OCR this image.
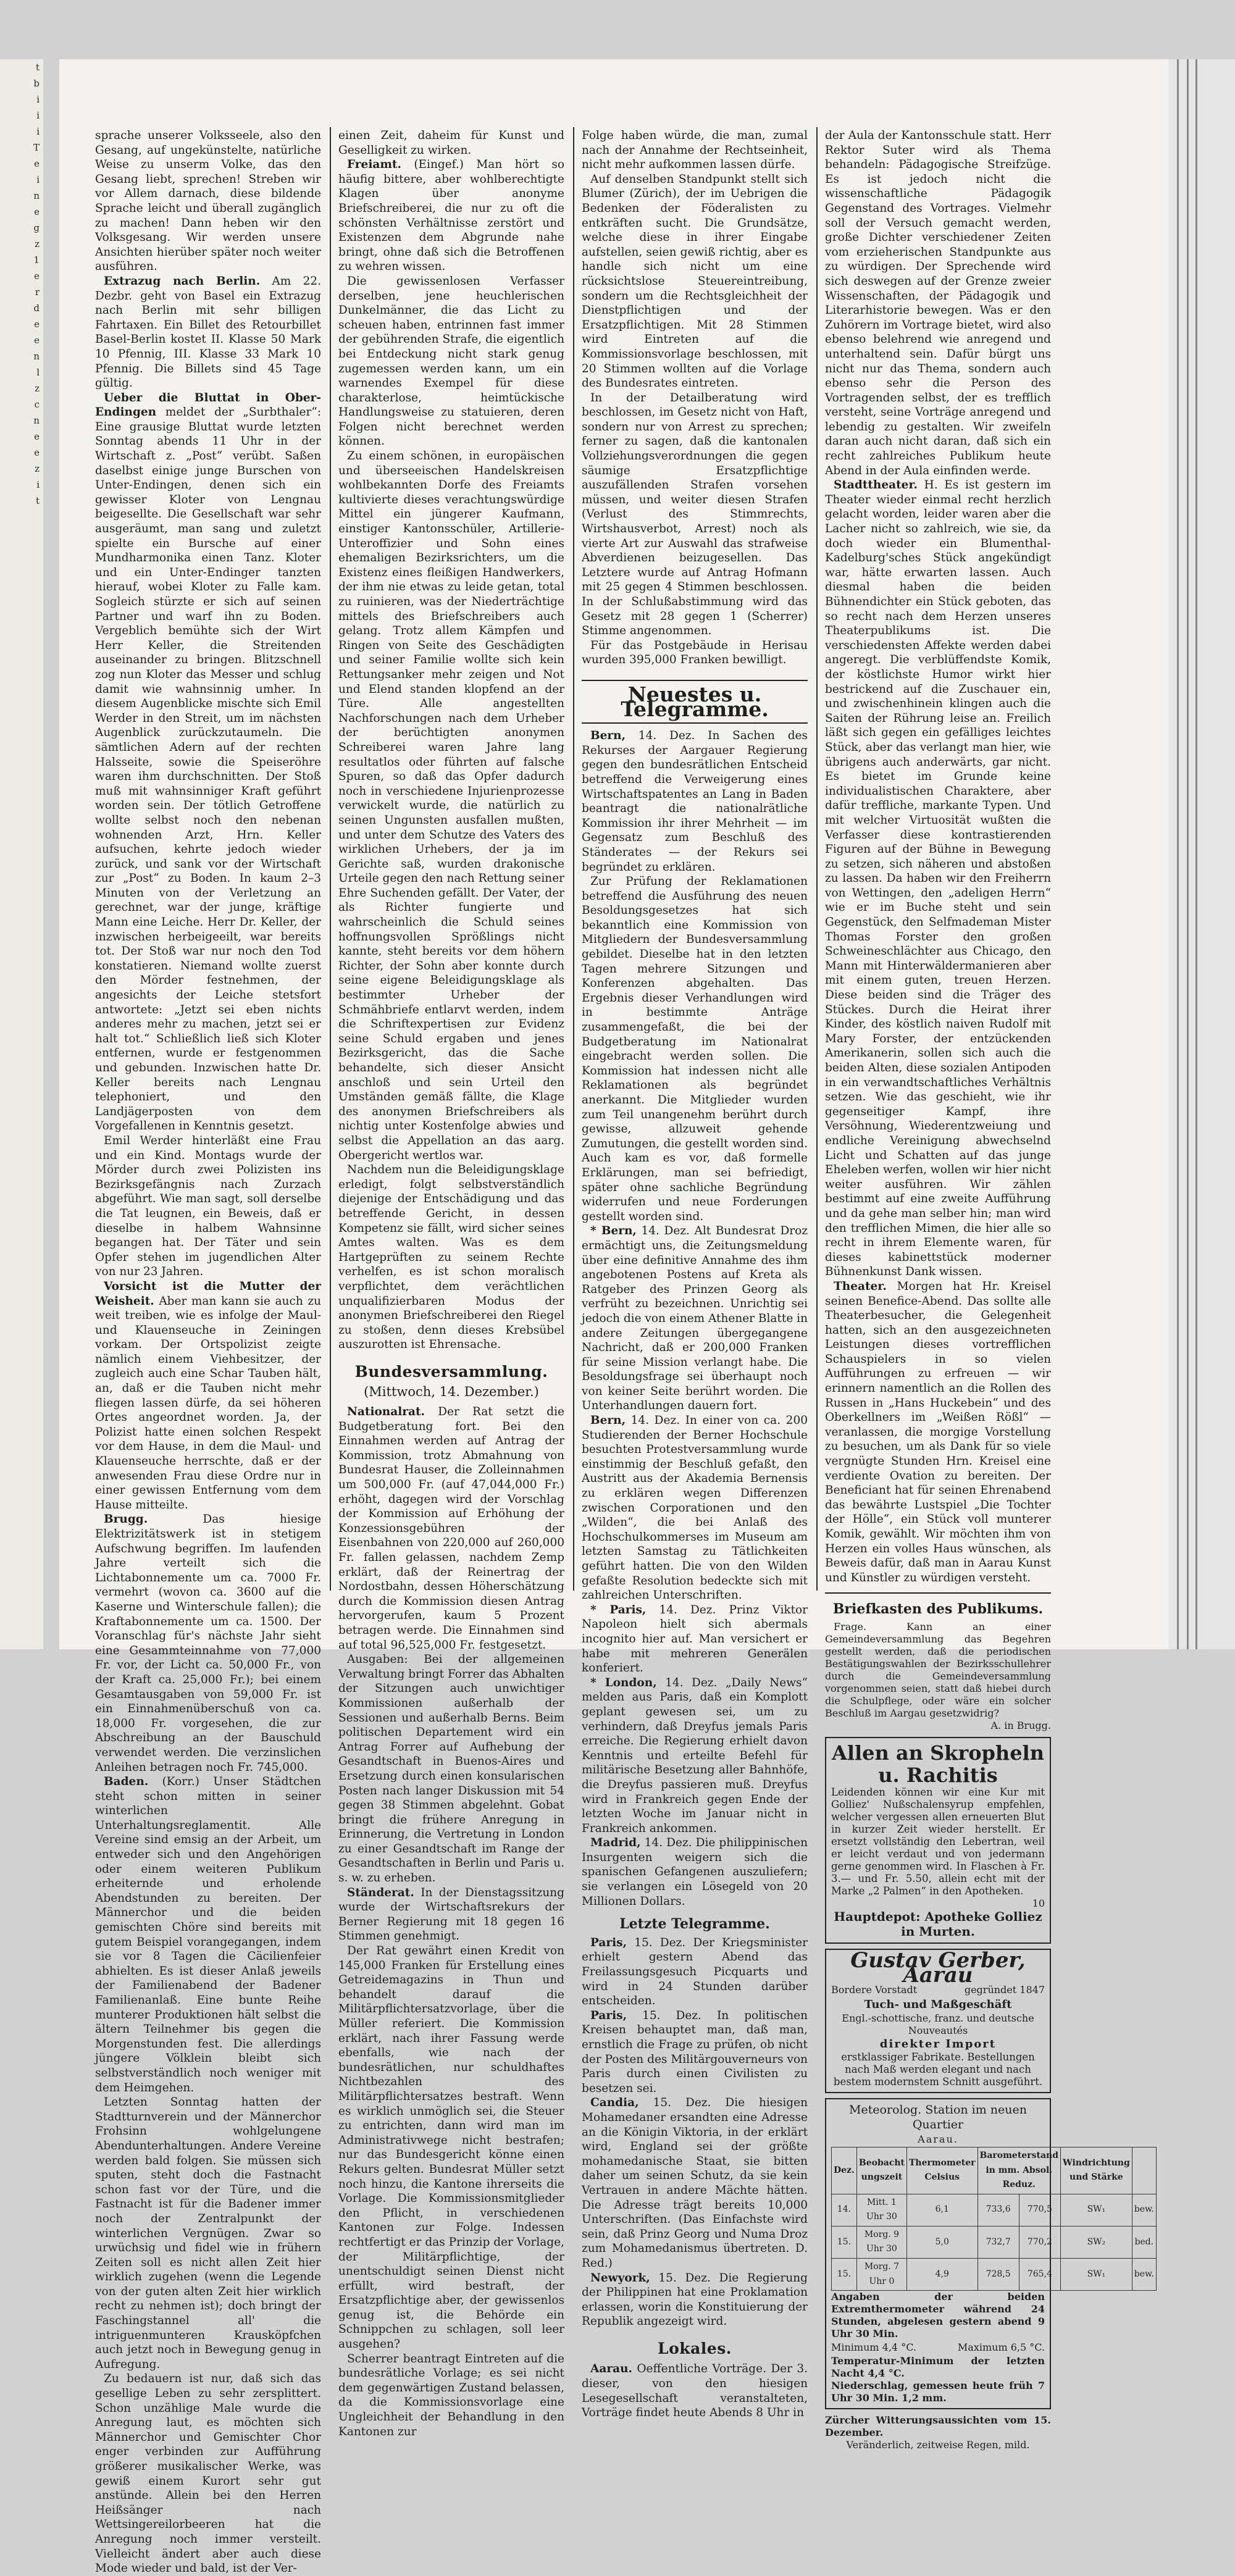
t
b
i
i
i
T
e
i
n
e
g
z
1
e
r
d
e
e
n
l
z
c
n
e
e
z
i
t

sprache unserer Volksseele, also den Gesang, auf ungekünstelte, natürliche Weise zu unserm Volke, das den Gesang liebt, sprechen! Streben wir vor Allem darnach, diese bildende Sprache leicht und überall zugänglich zu machen! Dann heben wir den Volksgesang. Wir werden unsere Ansichten hierüber später noch weiter ausführen.

Extrazug nach Berlin. Am 22. Dezbr. geht von Basel ein Extrazug nach Berlin mit sehr billigen Fahrtaxen. Ein Billet des Retourbillet Basel-Berlin kostet II. Klasse 50 Mark 10 Pfennig, III. Klasse 33 Mark 10 Pfennig. Die Billets sind 45 Tage gültig.

Ueber die Bluttat in Ober-Endingen meldet der „Surbthaler“: Eine grausige Bluttat wurde letzten Sonntag abends 11 Uhr in der Wirtschaft z. „Post“ verübt. Saßen daselbst einige junge Burschen von Unter-Endingen, denen sich ein gewisser Kloter von Lengnau beigesellte. Die Gesellschaft war sehr ausgeräumt, man sang und zuletzt spielte ein Bursche auf einer Mundharmonika einen Tanz. Kloter und ein Unter-Endinger tanzten hierauf, wobei Kloter zu Falle kam. Sogleich stürzte er sich auf seinen Partner und warf ihn zu Boden. Vergeblich bemühte sich der Wirt Herr Keller, die Streitenden auseinander zu bringen. Blitzschnell zog nun Kloter das Messer und schlug damit wie wahnsinnig umher. In diesem Augenblicke mischte sich Emil Werder in den Streit, um im nächsten Augenblick zurückzutaumeln. Die sämtlichen Adern auf der rechten Halsseite, sowie die Speiseröhre waren ihm durchschnitten. Der Stoß muß mit wahnsinniger Kraft geführt worden sein. Der tötlich Getroffene wollte selbst noch den nebenan wohnenden Arzt, Hrn. Keller aufsuchen, kehrte jedoch wieder zurück, und sank vor der Wirtschaft zur „Post“ zu Boden. In kaum 2–3 Minuten von der Verletzung an gerechnet, war der junge, kräftige Mann eine Leiche. Herr Dr. Keller, der inzwischen herbeigeeilt, war bereits tot. Der Stoß war nur noch den Tod konstatieren. Niemand wollte zuerst den Mörder festnehmen, der angesichts der Leiche stetsfort antwortete: „Jetzt sei eben nichts anderes mehr zu machen, jetzt sei er halt tot.“ Schließlich ließ sich Kloter entfernen, wurde er festgenommen und gebunden. Inzwischen hatte Dr. Keller bereits nach Lengnau telephoniert, und den Landjägerposten von dem Vorgefallenen in Kenntnis gesetzt.

Emil Werder hinterläßt eine Frau und ein Kind. Montags wurde der Mörder durch zwei Polizisten ins Bezirksgefängnis nach Zurzach abgeführt. Wie man sagt, soll derselbe die Tat leugnen, ein Beweis, daß er dieselbe in halbem Wahnsinne begangen hat. Der Täter und sein Opfer stehen im jugendlichen Alter von nur 23 Jahren.

Vorsicht ist die Mutter der Weisheit. Aber man kann sie auch zu weit treiben, wie es infolge der Maul- und Klauenseuche in Zeiningen vorkam. Der Ortspolizist zeigte nämlich einem Viehbesitzer, der zugleich auch eine Schar Tauben hält, an, daß er die Tauben nicht mehr fliegen lassen dürfe, da sei höheren Ortes angeordnet worden. Ja, der Polizist hatte einen solchen Respekt vor dem Hause, in dem die Maul- und Klauenseuche herrschte, daß er der anwesenden Frau diese Ordre nur in einer gewissen Entfernung vom dem Hause mitteilte.

Brugg.	Das hiesige Elektrizitätswerk ist in stetigem Aufschwung begriffen. Im laufenden Jahre verteilt sich die Lichtabonnemente um ca. 7000 Fr. vermehrt (wovon ca. 3600 auf die Kaserne und Winterschule fallen); die Kraftabonnemente um ca. 1500. Der Voranschlag für's nächste Jahr sieht eine Gesammteinnahme von 77,000 Fr. vor, der Licht ca. 50,000 Fr., von der Kraft ca. 25,000 Fr.); bei einem Gesamtausgaben von 59,000 Fr. ist ein Einnahmenüberschuß von ca. 18,000 Fr. vorgesehen, die zur Abschreibung an der Bauschuld verwendet werden. Die verzinslichen Anleihen betragen noch Fr. 745,000.

Baden. (Korr.) Unser Städtchen steht schon mitten in seiner winterlichen Unterhaltungsreglamentit. Alle Vereine sind emsig an der Arbeit, um entweder sich und den Angehörigen oder einem weiteren Publikum erheiternde und erholende Abendstunden zu bereiten. Der Männerchor und die beiden gemischten Chöre sind bereits mit gutem Beispiel vorangegangen, indem sie vor 8 Tagen die Cäcilienfeier abhielten. Es ist dieser Anlaß jeweils der Familienabend der Badener Familienanlaß. Eine bunte Reihe munterer Produktionen hält selbst die ältern Teilnehmer bis gegen die Morgenstunden fest. Die allerdings jüngere Völklein bleibt sich selbstverständlich noch weniger mit dem Heimgehen.

Letzten Sonntag hatten der Stadtturnverein und der Männerchor Frohsinn wohlgelungene Abendunterhaltungen. Andere Vereine werden bald folgen. Sie müssen sich sputen, steht doch die Fastnacht schon fast vor der Türe, und die Fastnacht ist für die Badener immer noch der Zentralpunkt der winterlichen Vergnügen. Zwar so urwüchsig und fidel wie in frühern Zeiten soll es nicht allen Zeit hier wirklich zugehen (wenn die Legende von der guten alten Zeit hier wirklich recht zu nehmen ist); doch bringt der Faschingstannel all' die intriguenmunteren Krausköpfchen auch jetzt noch in Bewegung genug in Aufregung.

Zu bedauern ist nur, daß sich das gesellige Leben zu sehr zersplittert. Schon unzählige Male wurde die Anregung laut, es möchten sich Männerchor und Gemischter Chor enger verbinden zur Aufführung größerer musikalischer Werke, was gewiß einem Kurort sehr gut anstünde. Allein bei den Herren Heißsänger nach Wettsingereilorbeeren hat die Anregung noch immer versteilt. Vielleicht ändert aber auch diese Mode wieder und bald, ist der Ver-

einen Zeit, daheim für Kunst und Geselligkeit zu wirken.

Freiamt. (Eingef.) Man hört so häufig bittere, aber wohlberechtigte Klagen über anonyme Briefschreiberei, die nur zu oft die schönsten Verhältnisse zerstört und Existenzen dem Abgrunde nahe bringt, ohne daß sich die Betroffenen zu wehren wissen.

Die gewissenlosen Verfasser derselben, jene heuchlerischen Dunkelmänner, die das Licht zu scheuen haben, entrinnen fast immer der gebührenden Strafe, die eigentlich bei Entdeckung nicht stark genug zugemessen werden kann, um ein warnendes Exempel für diese charakterlose, heimtückische Handlungsweise zu statuieren, deren Folgen nicht berechnet werden können.

Zu einem schönen, in europäischen und überseeischen Handelskreisen wohlbekannten Dorfe des Freiamts kultivierte dieses verachtungswürdige Mittel ein jüngerer Kaufmann, einstiger Kantonsschüler, Artillerie-Unteroffizier und Sohn eines ehemaligen Bezirksrichters, um die Existenz eines fleißigen Handwerkers, der ihm nie etwas zu leide getan, total zu ruinieren, was der Niederträchtige mittels des Briefschreibers auch gelang. Trotz allem Kämpfen und Ringen von Seite des Geschädigten und seiner Familie wollte sich kein Rettungsanker mehr zeigen und Not und Elend standen klopfend an der Türe. Alle angestellten Nachforschungen nach dem Urheber der berüchtigten anonymen Schreiberei waren Jahre lang resultatlos oder führten auf falsche Spuren, so daß das Opfer dadurch noch in verschiedene Injurienprozesse verwickelt wurde, die natürlich zu seinen Ungunsten ausfallen mußten, und unter dem Schutze des Vaters des wirklichen Urhebers, der ja im Gerichte saß, wurden drakonische Urteile gegen den nach Rettung seiner Ehre Suchenden gefällt. Der Vater, der als Richter fungierte und wahrscheinlich die Schuld seines hoffnungsvollen Sprößlings nicht kannte, steht bereits vor dem höhern Richter, der Sohn aber konnte durch seine eigene Beleidigungsklage als bestimmter Urheber der Schmähbriefe entlarvt werden, indem die Schriftexpertisen zur Evidenz seine Schuld ergaben und jenes Bezirksgericht, das die Sache behandelte, sich dieser Ansicht anschloß und sein Urteil den Umständen gemäß fällte, die Klage des anonymen Briefschreibers als nichtig unter Kostenfolge abwies und selbst die Appellation an das aarg. Obergericht wertlos war.

Nachdem nun die Beleidigungsklage erledigt, folgt selbstverständlich diejenige der Entschädigung und das betreffende Gericht, in dessen Kompetenz sie fällt, wird sicher seines Amtes walten. Was es dem Hartgeprüften zu seinem Rechte verhelfen, es ist schon moralisch verpflichtet, dem verächtlichen unqualifizierbaren Modus der anonymen Briefschreiberei den Riegel zu stoßen, denn dieses Krebsübel auszurotten ist Ehrensache.

Bundesversammlung.
(Mittwoch, 14. Dezember.)

Nationalrat. Der Rat setzt die Budgetberatung fort. Bei den Einnahmen werden auf Antrag der Kommission, trotz Abmahnung von Bundesrat Hauser, die Zolleinnahmen um 500,000 Fr. (auf 47,044,000 Fr.) erhöht, dagegen wird der Vorschlag der Kommission auf Erhöhung der Konzessionsgebühren der Eisenbahnen von 220,000 auf 260,000 Fr. fallen gelassen, nachdem Zemp erklärt, daß der Reinertrag der Nordostbahn, dessen Höherschätzung durch die Kommission diesen Antrag hervorgerufen, kaum 5 Prozent betragen werde. Die Einnahmen sind auf total 96,525,000 Fr. festgesetzt.

Ausgaben: Bei der allgemeinen Verwaltung bringt Forrer das Abhalten der Sitzungen auch unwichtiger Kommissionen außerhalb der Sessionen und außerhalb Berns. Beim politischen Departement wird ein Antrag Forrer auf Aufhebung der Gesandtschaft in Buenos-Aires und Ersetzung durch einen konsularischen Posten nach langer Diskussion mit 54 gegen 38 Stimmen abgelehnt. Gobat bringt die frühere Anregung in Erinnerung, die Vertretung in London zu einer Gesandtschaft im Range der Gesandtschaften in Berlin und Paris u. s. w. zu erheben.

Ständerat. In der Dienstagssitzung wurde der Wirtschaftsrekurs der Berner Regierung mit 18 gegen 16 Stimmen genehmigt.

Der Rat gewährt einen Kredit von 145,000 Franken für Erstellung eines Getreidemagazins in Thun und behandelt darauf die Militärpflichtersatzvorlage, über die Müller referiert. Die Kommission erklärt, nach ihrer Fassung werde ebenfalls, wie nach der bundesrätlichen, nur schuldhaftes Nichtbezahlen des Militärpflichtersatzes bestraft. Wenn es wirklich unmöglich sei, die Steuer zu entrichten, dann wird man im Administrativwege nicht bestrafen; nur das Bundesgericht könne einen Rekurs gelten. Bundesrat Müller setzt noch hinzu, die Kantone ihrerseits die Vorlage. Die Kommissionsmitglieder den Pflicht, in verschiedenen Kantonen zur Folge. Indessen rechtfertigt er das Prinzip der Vorlage, der Militärpflichtige, der unentschuldigt seinen Dienst nicht erfüllt, wird bestraft, der Ersatzpflichtige aber, der gewissenlos genug ist, die Behörde ein Schnippchen zu schlagen, soll leer ausgehen?

Scherrer beantragt Eintreten auf die bundesrätliche Vorlage; es sei nicht dem gegenwärtigen Zustand belassen, da die Kommissionsvorlage eine Ungleichheit der Behandlung in den Kantonen zur

Folge haben würde, die man, zumal nach der Annahme der Rechtseinheit, nicht mehr aufkommen lassen dürfe.

Auf denselben Standpunkt stellt sich Blumer (Zürich), der im Uebrigen die Bedenken der Föderalisten zu entkräften sucht. Die Grundsätze, welche diese in ihrer Eingabe aufstellen, seien gewiß richtig, aber es handle sich nicht um eine rücksichtslose Steuereintreibung, sondern um die Rechtsgleichheit der Dienstpflichtigen und der Ersatzpflichtigen. Mit 28 Stimmen wird Eintreten auf die Kommissionsvorlage beschlossen, mit 20 Stimmen wollten auf die Vorlage des Bundesrates eintreten.

In der Detailberatung wird beschlossen, im Gesetz nicht von Haft, sondern nur von Arrest zu sprechen; ferner zu sagen, daß die kantonalen Vollziehungsverordnungen die gegen säumige Ersatzpflichtige auszufällenden Strafen vorsehen müssen, und weiter diesen Strafen (Verlust des Stimmrechts, Wirtshausverbot, Arrest) noch als vierte Art zur Auswahl das strafweise Abverdienen beizugesellen. Das Letztere wurde auf Antrag Hofmann mit 25 gegen 4 Stimmen beschlossen. In der Schlußabstimmung wird das Gesetz mit 28 gegen 1 (Scherrer) Stimme angenommen.

Für das Postgebäude in Herisau wurden 395,000 Franken bewilligt.

Neuestes u. Telegramme.

Bern, 14. Dez. In Sachen des Rekurses der Aargauer Regierung gegen den bundesrätlichen Entscheid betreffend die Verweigerung eines Wirtschaftspatentes an Lang in Baden beantragt die nationalrätliche Kommission ihr ihrer Mehrheit — im Gegensatz zum Beschluß des Ständerates — der Rekurs sei begründet zu erklären.

Zur Prüfung der Reklamationen betreffend die Ausführung des neuen Besoldungsgesetzes hat sich bekanntlich eine Kommission von Mitgliedern der Bundesversammlung gebildet. Dieselbe hat in den letzten Tagen mehrere Sitzungen und Konferenzen abgehalten. Das Ergebnis dieser Verhandlungen wird in bestimmte Anträge zusammengefaßt, die bei der Budgetberatung im Nationalrat eingebracht werden sollen. Die Kommission hat indessen nicht alle Reklamationen als begründet anerkannt. Die Mitglieder wurden zum Teil unangenehm berührt durch gewisse, allzuweit gehende Zumutungen, die gestellt worden sind. Auch kam es vor, daß formelle Erklärungen, man sei befriedigt, später ohne sachliche Begründung widerrufen und neue Forderungen gestellt worden sind.

* Bern, 14. Dez. Alt Bundesrat Droz ermächtigt uns, die Zeitungsmeldung über eine definitive Annahme des ihm angebotenen Postens auf Kreta als Ratgeber des Prinzen Georg als verfrüht zu bezeichnen. Unrichtig sei jedoch die von einem Athener Blatte in andere Zeitungen übergegangene Nachricht, daß er 200,000 Franken für seine Mission verlangt habe. Die Besoldungsfrage sei überhaupt noch von keiner Seite berührt worden. Die Unterhandlungen dauern fort.

Bern, 14. Dez. In einer von ca. 200 Studierenden der Berner Hochschule besuchten Protestversammlung wurde einstimmig der Beschluß gefaßt, den Austritt aus der Akademia Bernensis zu erklären wegen Differenzen zwischen Corporationen und den „Wilden“, die bei Anlaß des Hochschulkommerses im Museum am letzten Samstag zu Tätlichkeiten geführt hatten. Die von den Wilden gefaßte Resolution bedeckte sich mit zahlreichen Unterschriften.

* Paris, 14. Dez. Prinz Viktor Napoleon hielt sich abermals incognito hier auf. Man versichert er habe mit mehreren Generälen konferiert.

* London, 14. Dez. „Daily News“ melden aus Paris, daß ein Komplott geplant gewesen sei, um zu verhindern, daß Dreyfus jemals Paris erreiche. Die Regierung erhielt davon Kenntnis und erteilte Befehl für militärische Besetzung aller Bahnhöfe, die Dreyfus passieren muß. Dreyfus wird in Frankreich gegen Ende der letzten Woche im Januar nicht in Frankreich ankommen.

Madrid, 14. Dez. Die philippinischen Insurgenten weigern sich die spanischen Gefangenen auszuliefern; sie verlangen ein Lösegeld von 20 Millionen Dollars.

Letzte Telegramme.

Paris, 15. Dez. Der Kriegsminister erhielt gestern Abend das Freilassungsgesuch Picquarts und wird in 24 Stunden darüber entscheiden.

Paris, 15. Dez. In politischen Kreisen behauptet man, daß man, ernstlich die Frage zu prüfen, ob nicht der Posten des Militärgouverneurs von Paris durch einen Civilisten zu besetzen sei.

Candia, 15. Dez. Die hiesigen Mohamedaner ersandten eine Adresse an die Königin Viktoria, in der erklärt wird, England sei der größte mohamedanische Staat, sie bitten daher um seinen Schutz, da sie kein Vertrauen in andere Mächte hätten. Die Adresse trägt bereits 10,000 Unterschriften. (Das Einfachste wird sein, daß Prinz Georg und Numa Droz zum Mohamedanismus übertreten. D. Red.)

Newyork, 15. Dez. Die Regierung der Philippinen hat eine Proklamation erlassen, worin die Konstituierung der Republik angezeigt wird.

Lokales.

Aarau. Oeffentliche Vorträge. Der 3. dieser, von den hiesigen Lesegesellschaft veranstalteten, Vorträge findet heute Abends 8 Uhr in

der Aula der Kantonsschule statt. Herr Rektor Suter wird als Thema behandeln: Pädagogische Streifzüge. Es ist jedoch nicht die wissenschaftliche Pädagogik Gegenstand des Vortrages. Vielmehr soll der Versuch gemacht werden, große Dichter verschiedener Zeiten vom erzieherischen Standpunkte aus zu würdigen. Der Sprechende wird sich deswegen auf der Grenze zweier Wissenschaften, der Pädagogik und Literarhistorie bewegen. Was er den Zuhörern im Vortrage bietet, wird also ebenso belehrend wie anregend und unterhaltend sein. Dafür bürgt uns nicht nur das Thema, sondern auch ebenso sehr die Person des Vortragenden selbst, der es trefflich versteht, seine Vorträge anregend und lebendig zu gestalten. Wir zweifeln daran auch nicht daran, daß sich ein recht zahlreiches Publikum heute Abend in der Aula einfinden werde.

Stadttheater. H. Es ist gestern im Theater wieder einmal recht herzlich gelacht worden, leider waren aber die Lacher nicht so zahlreich, wie sie, da doch wieder ein Blumenthal-Kadelburg'sches Stück angekündigt war, hätte erwarten lassen. Auch diesmal haben die beiden Bühnendichter ein Stück geboten, das so recht nach dem Herzen unseres Theaterpublikums ist. Die verschiedensten Affekte werden dabei angeregt. Die verblüffendste Komik, der köstlichste Humor wirkt hier bestrickend auf die Zuschauer ein, und zwischenhinein klingen auch die Saiten der Rührung leise an. Freilich läßt sich gegen ein gefälliges leichtes Stück, aber das verlangt man hier, wie übrigens auch anderwärts, gar nicht. Es bietet im Grunde keine individualistischen Charaktere, aber dafür treffliche, markante Typen. Und mit welcher Virtuosität wußten die Verfasser diese kontrastierenden Figuren auf der Bühne in Bewegung zu setzen, sich näheren und abstoßen zu lassen. Da haben wir den Freiherrn von Wettingen, den „adeligen Herrn“ wie er im Buche steht und sein Gegenstück, den Selfmademan Mister Thomas Forster den großen Schweineschlächter aus Chicago, den Mann mit Hinterwäldermanieren aber mit einem guten, treuen Herzen. Diese beiden sind die Träger des Stückes. Durch die Heirat ihrer Kinder, des köstlich naiven Rudolf mit Mary Forster, der entzückenden Amerikanerin, sollen sich auch die beiden Alten, diese sozialen Antipoden in ein verwandtschaftliches Verhältnis setzen. Wie das geschieht, wie ihr gegenseitiger Kampf, ihre Versöhnung, Wiederentzweiung und endliche Vereinigung abwechselnd Licht und Schatten auf das junge Eheleben werfen, wollen wir hier nicht weiter ausführen. Wir zählen bestimmt auf eine zweite Aufführung und da gehe man selber hin; man wird den trefflichen Mimen, die hier alle so recht in ihrem Elemente waren, für dieses kabinettstück moderner Bühnenkunst Dank wissen.

Theater. Morgen hat Hr. Kreisel seinen Benefice-Abend. Das sollte alle Theaterbesucher, die Gelegenheit hatten, sich an den ausgezeichneten Leistungen dieses vortrefflichen Schauspielers in so vielen Aufführungen zu erfreuen — wir erinnern namentlich an die Rollen des Russen in „Hans Huckebein“ und des Oberkellners im „Weißen Rößl“ — veranlassen, die morgige Vorstellung zu besuchen, um als Dank für so viele vergnügte Stunden Hrn. Kreisel eine verdiente Ovation zu bereiten. Der Beneficiant hat für seinen Ehrenabend das bewährte Lustspiel „Die Tochter der Hölle“, ein Stück voll munterer Komik, gewählt. Wir möchten ihm von Herzen ein volles Haus wünschen, als Beweis dafür, daß man in Aarau Kunst und Künstler zu würdigen versteht.

Briefkasten des Publikums.

Frage. Kann an einer Gemeindeversammlung das Begehren gestellt werden, daß die periodischen Bestätigungswahlen der Bezirksschullehrer durch die Gemeindeversammlung vorgenommen seien, statt daß hiebei durch die Schulpflege, oder wäre ein solcher Beschluß im Aargau gesetzwidrig?

A. in Brugg.
Allen an Skropheln u. Rachitis
Leidenden können wir eine Kur mit Golliez' Nußschalensyrup empfehlen, welcher vergessen allen erneuerten Blut in kurzer Zeit wieder herstellt. Er ersetzt vollständig den Lebertran, weil er leicht verdaut und von jedermann gerne genommen wird. In Flaschen à Fr. 3.— und Fr. 5.50, allein echt mit der Marke „2 Palmen“ in den Apotheken.
10
Hauptdepot: Apotheke Golliez in Murten.
Gustav Gerber, Aarau
Bordere Vorstadt	gegründet 1847
Tuch- und Maßgeschäft
Engl.-schottische, franz. und deutsche Nouveautés
direkter Import
erstklassiger Fabrikate. Bestellungen nach Maß werden elegant und nach bestem modernstem Schnitt ausgeführt.
Meteorolog. Station im neuen Quartier
Aarau.
Dez.	Beobacht ungszeit	Thermometer Celsius	Barometerstand in mm. Absol. Reduz.		Windrichtung und Stärke	
14.	Mitt. 1 Uhr 30	6,1	733,6	770,5	SW₁	bew.
15.	Morg. 9 Uhr 30	5,0	732,7	770,2	SW₂	bed.
15.	Morg. 7 Uhr 0	4,9	728,5	765,4	SW₁	bew.
Angaben der beiden Extremthermometer während 24 Stunden, abgelesen gestern abend 9 Uhr 30 Min.
Minimum 4,4 °C.	Maximum 6,5 °C.
Temperatur-Minimum der letzten Nacht 4,4 °C.
Niederschlag, gemessen heute früh 7 Uhr 30 Min. 1,2 mm.
Zürcher Witterungsaussichten vom 15. Dezember.
Veränderlich, zeitweise Regen, mild.
